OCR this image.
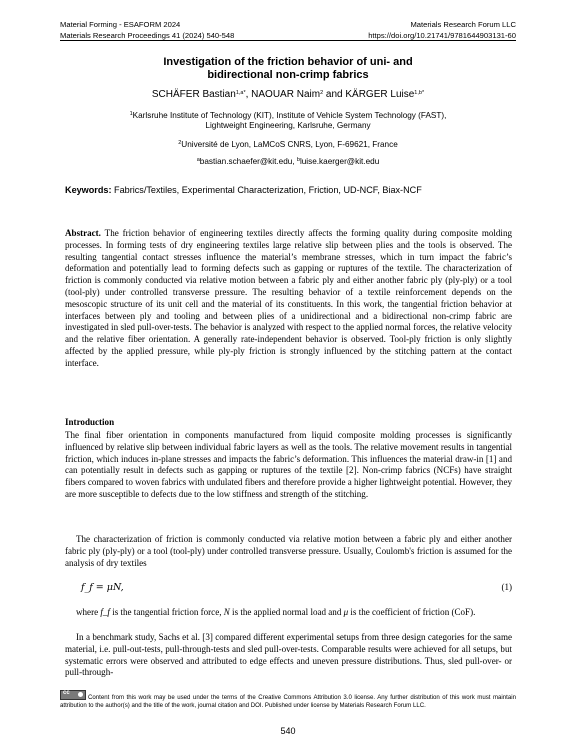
Material Forming - ESAFORM 2024	Materials Research Forum LLC
Materials Research Proceedings 41 (2024) 540-548	https://doi.org/10.21741/9781644903131-60
Investigation of the friction behavior of uni- and
bidirectional non-crimp fabrics
SCHÄFER Bastian$^{1,a*}$, NAOUAR Naim$^2$ and KÄRGER Luise$^{1,b*}$
$^1$Karlsruhe Institute of Technology (KIT), Institute of Vehicle System Technology (FAST),
Lightweight Engineering, Karlsruhe, Germany
$^2$Université de Lyon, LaMCoS CNRS, Lyon, F-69621, France
$^a$bastian.schaefer@kit.edu, $^b$luise.kaerger@kit.edu
Keywords: Fabrics/Textiles, Experimental Characterization, Friction, UD-NCF, Biax-NCF
Abstract. The friction behavior of engineering textiles directly affects the forming quality during composite molding processes. In forming tests of dry engineering textiles large relative slip between plies and the tools is observed. The resulting tangential contact stresses influence the material’s membrane stresses, which in turn impact the fabric’s deformation and potentially lead to forming defects such as gapping or ruptures of the textile. The characterization of friction is commonly conducted via relative motion between a fabric ply and either another fabric ply (ply-ply) or a tool (tool-ply) under controlled transverse pressure. The resulting behavior of a textile reinforcement depends on the mesoscopic structure of its unit cell and the material of its constituents. In this work, the tangential friction behavior at interfaces between ply and tooling and between plies of a unidirectional and a bidirectional non-crimp fabric are investigated in sled pull-over-tests. The behavior is analyzed with respect to the applied normal forces, the relative velocity and the relative fiber orientation. A generally rate-independent behavior is observed. Tool-ply friction is only slightly affected by the applied pressure, while ply-ply friction is strongly influenced by the stitching pattern at the contact interface.
Introduction
The final fiber orientation in components manufactured from liquid composite molding processes is significantly influenced by relative slip between individual fabric layers as well as the tools. The relative movement results in tangential friction, which induces in-plane stresses and impacts the fabric’s deformation. This influences the material draw-in [1] and can potentially result in defects such as gapping or ruptures of the textile [2]. Non-crimp fabrics (NCFs) have straight fibers compared to woven fabrics with undulated fibers and therefore provide a higher lightweight potential. However, they are more susceptible to defects due to the low stiffness and strength of the stitching.
The characterization of friction is commonly conducted via relative motion between a fabric ply and either another fabric ply (ply-ply) or a tool (tool-ply) under controlled transverse pressure. Usually, Coulomb's friction is assumed for the analysis of dry textiles
f_f = μN,	(1)
where f_f is the tangential friction force, N is the applied normal load and μ is the coefficient of friction (CoF).
In a benchmark study, Sachs et al. [3] compared different experimental setups from three design categories for the same material, i.e. pull-out-tests, pull-through-tests and sled pull-over-tests. Comparable results were achieved for all setups, but systematic errors were observed and attributed to edge effects and uneven pressure distributions. Thus, sled pull-over- or pull-through-
ccContent from this work may be used under the terms of the Creative Commons Attribution 3.0 license. Any further distribution of this work must maintain attribution to the author(s) and the title of the work, journal citation and DOI. Published under license by Materials Research Forum LLC.
540
